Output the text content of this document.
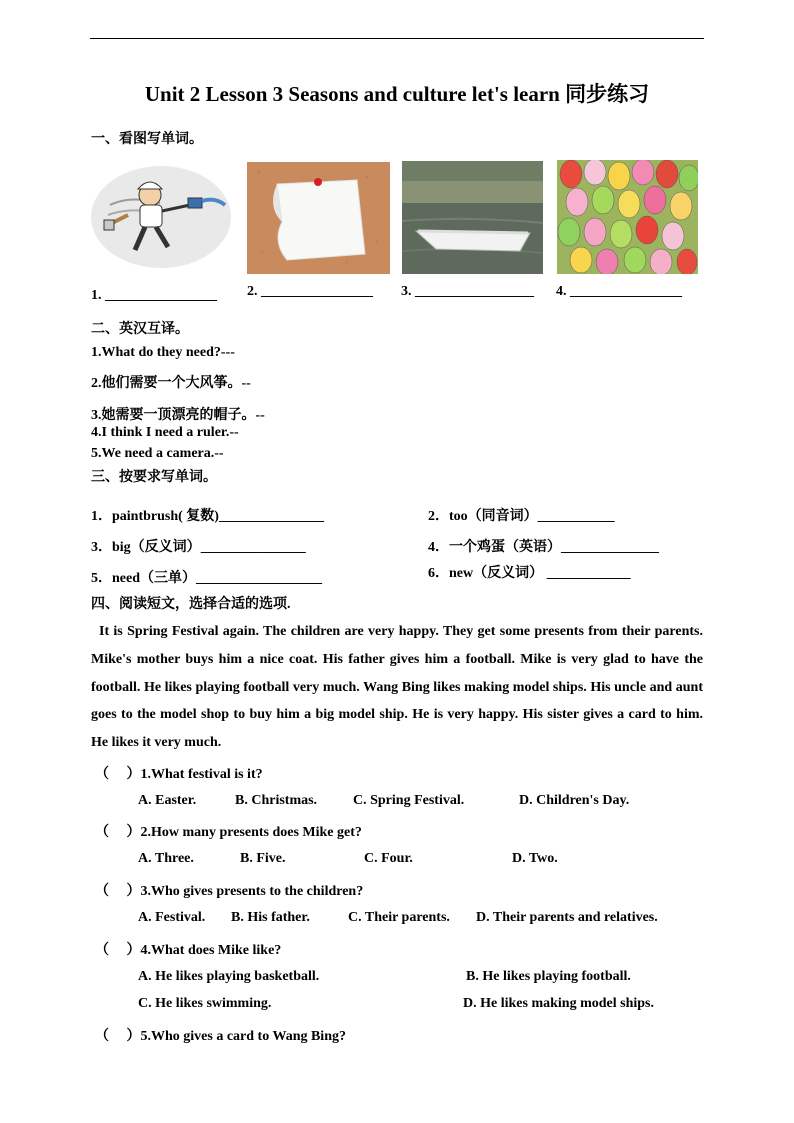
Unit 2 Lesson 3 Seasons and culture let's learn 同步练习
一、看图写单词。
1. ________________ 2. ________________ 3. _________________ 4. ________________
二、英汉互译。
1.What do they need?---
2.他们需要一个大风筝。--
3.她需要一顶漂亮的帽子。--
4.I think I need a ruler.--
5.We need a camera.--
三、按要求写单词。
1．paintbrush( 复数)_______________	2．too（同音词）___________
3．big（反义词）_______________	4．一个鸡蛋（英语）______________
5．need（三单）__________________	6．new（反义词） ____________
四、阅读短文，选择合适的选项.

It is Spring Festival again. The children are very happy. They get some presents from their parents. Mike's mother buys him a nice coat. His father gives him a football. Mike is very glad to have the football. He likes playing football very much. Wang Bing likes making model ships. His uncle and aunt goes to the model shop to buy him a big model ship. He is very happy. His sister gives a card to him. He likes it very much.

（　 ）1.What festival is it?
A. Easter.	B. Christmas.	C. Spring Festival.	D. Children's Day.
（　 ）2.How many presents does Mike get?
A. Three.	B. Five.	C. Four.	D. Two.
（　 ）3.Who gives presents to the children?
A. Festival. B. His father.	C. Their parents. D. Their parents and relatives.
（　 ）4.What does Mike like?
A. He likes playing basketball.	B. He likes playing football.
C. He likes swimming.	D. He likes making model ships.
（　 ）5.Who gives a card to Wang Bing?
